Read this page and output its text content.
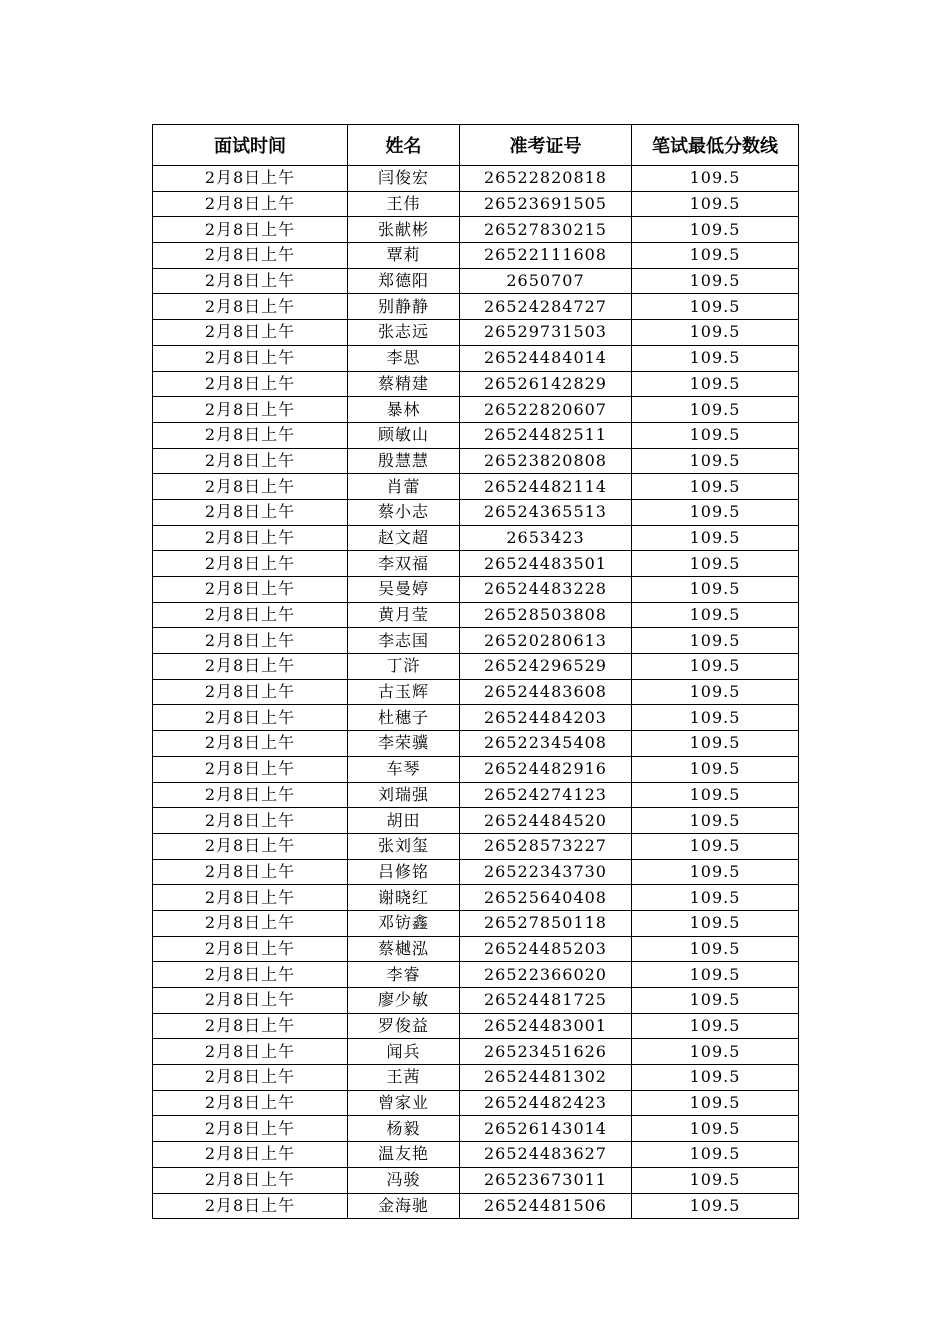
面试时间	姓名	准考证号	笔试最低分数线
2月8日上午	闫俊宏	26522820818	109.5
2月8日上午	王伟	26523691505	109.5
2月8日上午	张献彬	26527830215	109.5
2月8日上午	覃莉	26522111608	109.5
2月8日上午	郑德阳	2650707	109.5
2月8日上午	别静静	26524284727	109.5
2月8日上午	张志远	26529731503	109.5
2月8日上午	李思	26524484014	109.5
2月8日上午	蔡精建	26526142829	109.5
2月8日上午	暴林	26522820607	109.5
2月8日上午	顾敏山	26524482511	109.5
2月8日上午	殷慧慧	26523820808	109.5
2月8日上午	肖蕾	26524482114	109.5
2月8日上午	蔡小志	26524365513	109.5
2月8日上午	赵文超	2653423	109.5
2月8日上午	李双福	26524483501	109.5
2月8日上午	吴曼婷	26524483228	109.5
2月8日上午	黄月莹	26528503808	109.5
2月8日上午	李志国	26520280613	109.5
2月8日上午	丁浒	26524296529	109.5
2月8日上午	古玉辉	26524483608	109.5
2月8日上午	杜穗子	26524484203	109.5
2月8日上午	李荣骥	26522345408	109.5
2月8日上午	车琴	26524482916	109.5
2月8日上午	刘瑞强	26524274123	109.5
2月8日上午	胡田	26524484520	109.5
2月8日上午	张刘玺	26528573227	109.5
2月8日上午	吕修铭	26522343730	109.5
2月8日上午	谢晓红	26525640408	109.5
2月8日上午	邓钫鑫	26527850118	109.5
2月8日上午	蔡樾泓	26524485203	109.5
2月8日上午	李睿	26522366020	109.5
2月8日上午	廖少敏	26524481725	109.5
2月8日上午	罗俊益	26524483001	109.5
2月8日上午	闻兵	26523451626	109.5
2月8日上午	王茜	26524481302	109.5
2月8日上午	曾家业	26524482423	109.5
2月8日上午	杨毅	26526143014	109.5
2月8日上午	温友艳	26524483627	109.5
2月8日上午	冯骏	26523673011	109.5
2月8日上午	金海驰	26524481506	109.5
